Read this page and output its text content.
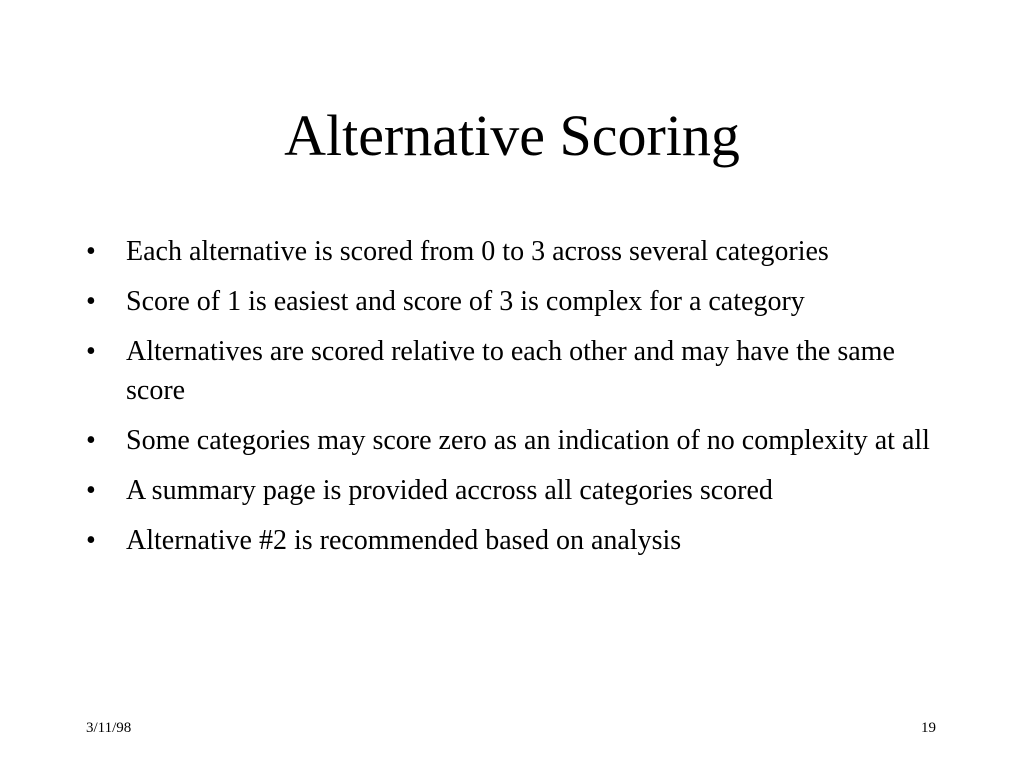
Alternative Scoring
•	Each alternative is scored from 0 to 3 across several categories
•	Score of 1 is easiest and score of 3 is complex for a category
•	Alternatives are scored relative to each other and may have the same score
•	Some categories may score zero as an indication of no complexity at all
•	A summary page is provided accross all categories scored
•	Alternative #2 is recommended based on analysis
3/11/98	19
